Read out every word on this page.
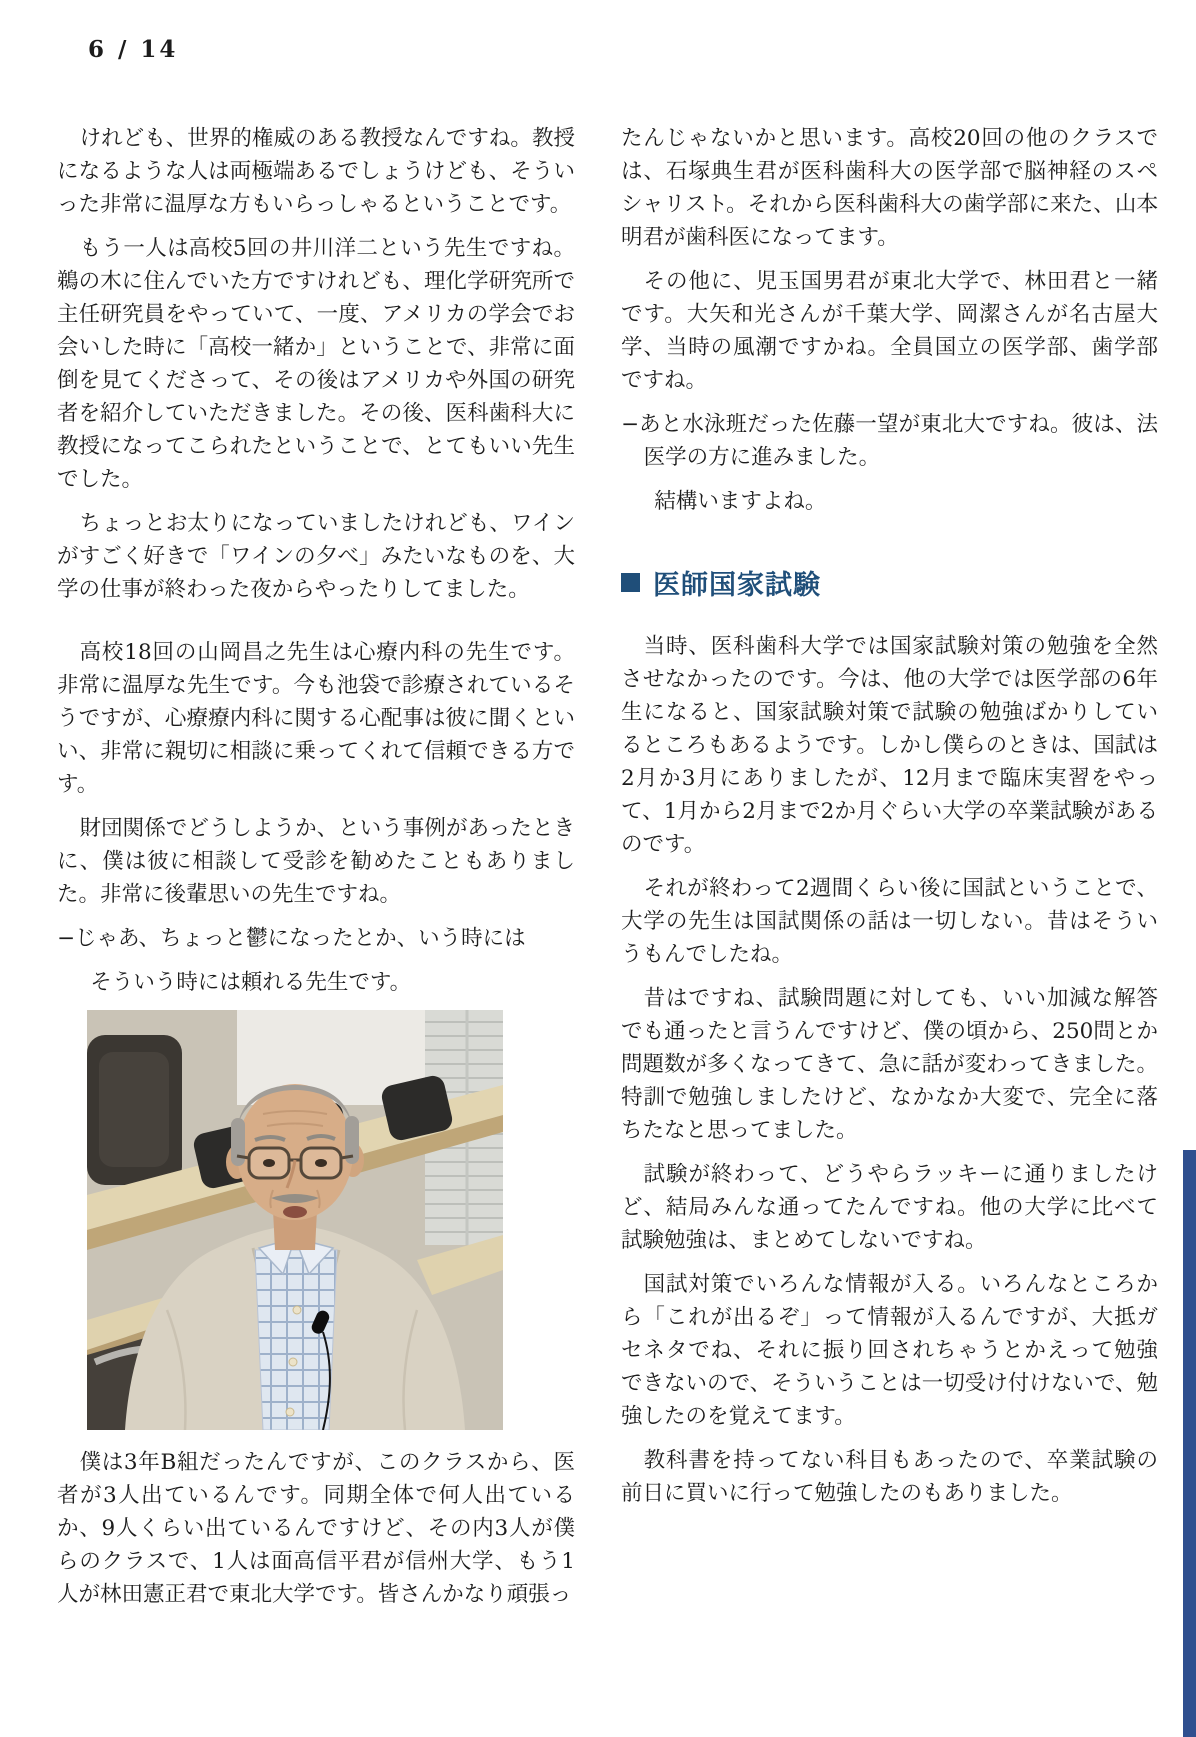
6 / 14

けれども、世界的権威のある教授なんですね。教授になるような人は両極端あるでしょうけども、そういった非常に温厚な方もいらっしゃるということです。

もう一人は高校5回の井川洋二という先生ですね。鵜の木に住んでいた方ですけれども、理化学研究所で主任研究員をやっていて、一度、アメリカの学会でお会いした時に「高校一緒か」ということで、非常に面倒を見てくださって、その後はアメリカや外国の研究者を紹介していただきました。その後、医科歯科大に教授になってこられたということで、とてもいい先生でした。

ちょっとお太りになっていましたけれども、ワインがすごく好きで「ワインの夕べ」みたいなものを、大学の仕事が終わった夜からやったりしてました。

高校18回の山岡昌之先生は心療内科の先生です。非常に温厚な先生です。今も池袋で診療されているそうですが、心療療内科に関する心配事は彼に聞くといい、非常に親切に相談に乗ってくれて信頼できる方です。

財団関係でどうしようか、という事例があったときに、僕は彼に相談して受診を勧めたこともありました。非常に後輩思いの先生ですね。

−じゃあ、ちょっと鬱になったとか、いう時には

そういう時には頼れる先生です。

僕は3年B組だったんですが、このクラスから、医者が3人出ているんです。同期全体で何人出ているか、9人くらい出ているんですけど、その内3人が僕らのクラスで、1人は面高信平君が信州大学、もう1人が林田憲正君で東北大学です。皆さんかなり頑張っ

たんじゃないかと思います。高校20回の他のクラスでは、石塚典生君が医科歯科大の医学部で脳神経のスペシャリスト。それから医科歯科大の歯学部に来た、山本明君が歯科医になってます。

その他に、児玉国男君が東北大学で、林田君と一緒です。大矢和光さんが千葉大学、岡潔さんが名古屋大学、当時の風潮ですかね。全員国立の医学部、歯学部ですね。

−あと水泳班だった佐藤一望が東北大ですね。彼は、法医学の方に進みました。

結構いますよね。

医師国家試験

当時、医科歯科大学では国家試験対策の勉強を全然させなかったのです。今は、他の大学では医学部の6年生になると、国家試験対策で試験の勉強ばかりしているところもあるようです。しかし僕らのときは、国試は2月か3月にありましたが、12月まで臨床実習をやって、1月から2月まで2か月ぐらい大学の卒業試験があるのです。

それが終わって2週間くらい後に国試ということで、大学の先生は国試関係の話は一切しない。昔はそういうもんでしたね。

昔はですね、試験問題に対しても、いい加減な解答でも通ったと言うんですけど、僕の頃から、250問とか問題数が多くなってきて、急に話が変わってきました。特訓で勉強しましたけど、なかなか大変で、完全に落ちたなと思ってました。

試験が終わって、どうやらラッキーに通りましたけど、結局みんな通ってたんですね。他の大学に比べて試験勉強は、まとめてしないですね。

国試対策でいろんな情報が入る。いろんなところから「これが出るぞ」って情報が入るんですが、大抵ガセネタでね、それに振り回されちゃうとかえって勉強できないので、そういうことは一切受け付けないで、勉強したのを覚えてます。

教科書を持ってない科目もあったので、卒業試験の前日に買いに行って勉強したのもありました。
